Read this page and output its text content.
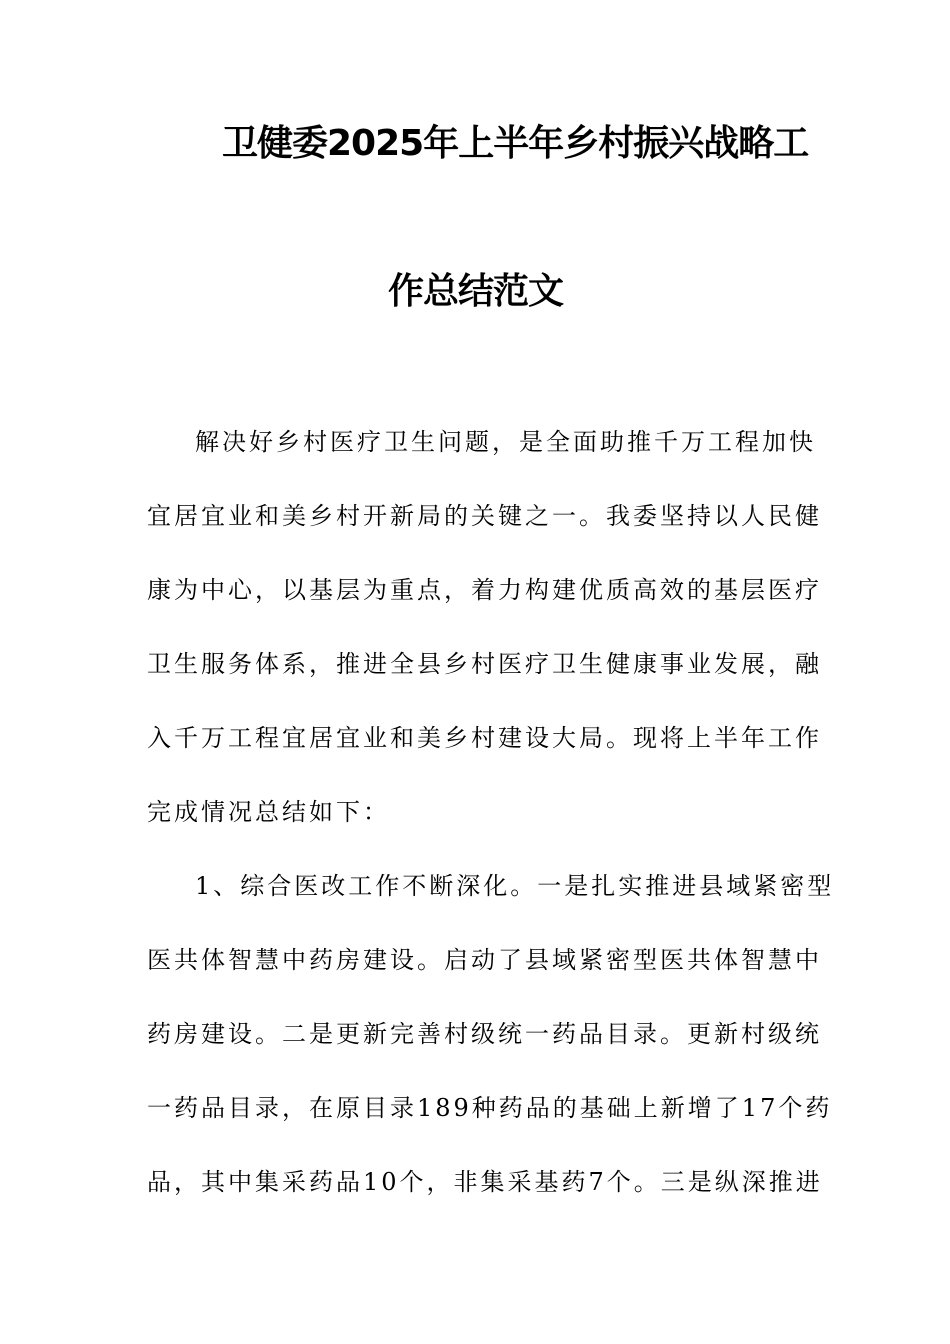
卫健委2025年上半年乡村振兴战略工
作总结范文
解决好乡村医疗卫生问题，是全面助推千万工程加快
宜居宜业和美乡村开新局的关键之一。我委坚持以人民健
康为中心，以基层为重点，着力构建优质高效的基层医疗
卫生服务体系，推进全县乡村医疗卫生健康事业发展，融
入千万工程宜居宜业和美乡村建设大局。现将上半年工作
完成情况总结如下：
1、综合医改工作不断深化。一是扎实推进县域紧密型
医共体智慧中药房建设。启动了县域紧密型医共体智慧中
药房建设。二是更新完善村级统一药品目录。更新村级统
一药品目录，在原目录189种药品的基础上新增了17个药
品，其中集采药品10个，非集采基药7个。三是纵深推进
